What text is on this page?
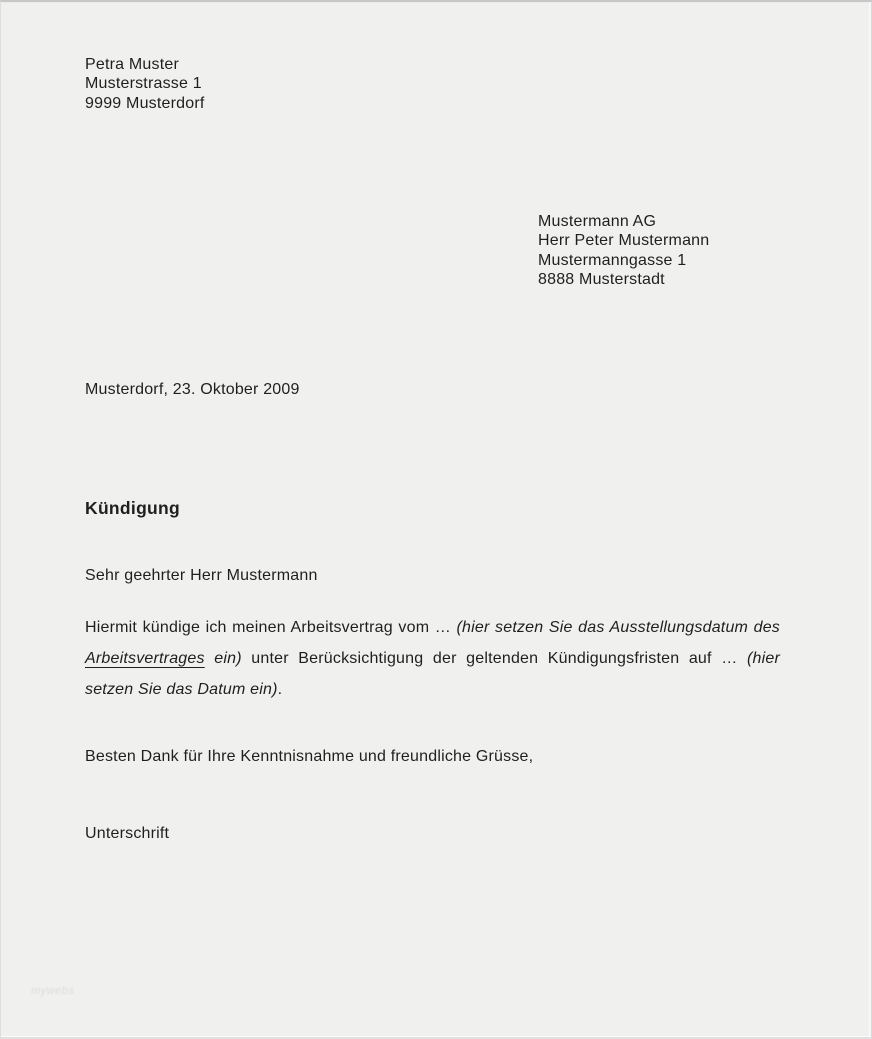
Petra Muster
Musterstrasse 1
9999 Musterdorf
Mustermann AG
Herr Peter Mustermann
Mustermanngasse 1
8888 Musterstadt
Musterdorf, 23. Oktober 2009
Kündigung
Sehr geehrter Herr Mustermann
Hiermit kündige ich meinen Arbeitsvertrag vom … (hier setzen Sie das Ausstellungsdatum des
Arbeitsvertrages ein) unter Berücksichtigung der geltenden Kündigungsfristen auf … (hier
setzen Sie das Datum ein).
Besten Dank für Ihre Kenntnisnahme und freundliche Grüsse,
Unterschrift
mywebs
